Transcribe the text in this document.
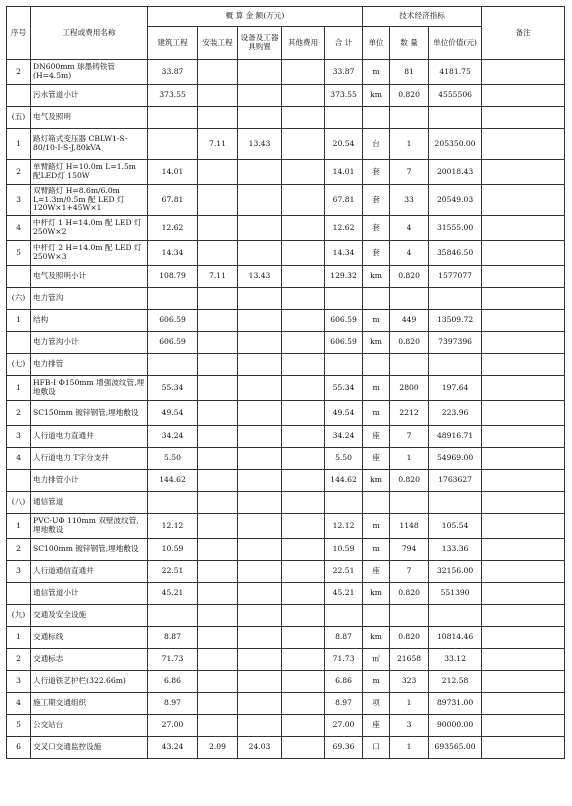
序号	工程或费用名称	概 算 金 额(万元)					技术经济指标			备注
		建筑工程	安装工程	设备及工器具购置	其他费用	合 计	单位	数 量	单位价值(元)	
2	DN600mm 球墨铸铁管(H=4.5m)	33.87				33.87	m	81	4181.75	
	污水管道小计	373.55				373.55	km	0.820	4555506	
(五)	电气及照明									
1	路灯箱式变压器 CBLW1-S-80/10-I-S-J,80kVA		7.11	13.43		20.54	台	1	205350.00	
2	单臂路灯 H=10.0m L=1.5m 配LED灯 150W	14.01				14.01	套	7	20018.43	
3	双臂路灯 H=8.6m/6.0m L=1.3m/0.5m 配 LED 灯 120W×1+45W×1	67.81				67.81	套	33	20549.03	
4	中杆灯 1 H=14.0m 配 LED 灯 250W×2	12.62				12.62	套	4	31555.00	
5	中杆灯 2 H=14.0m 配 LED 灯 250W×3	14.34				14.34	套	4	35846.50	
	电气及照明小计	108.79	7.11	13.43		129.32	km	0.820	1577077	
(六)	电力管沟									
1	结构	606.59				606.59	m	449	13509.72	
	电力管沟小计	606.59				606.59	km	0.820	7397396	
(七)	电力排管									
1	HFB-Ⅰ Φ150mm 增强波纹管,埋地敷设	55.34				55.34	m	2800	197.64	
2	SC150mm 镀锌钢管,埋地敷设	49.54				49.54	m	2212	223.96	
3	人行道电力直通井	34.24				34.24	座	7	48916.71	
4	人行道电力 T字分支井	5.50				5.50	座	1	54969.00	
	电力排管小计	144.62				144.62	km	0.820	1763627	
(八)	通信管道									
1	PVC-UΦ 110mm 双壁波纹管,埋地敷设	12.12				12.12	m	1148	105.54	
2	SC100mm 镀锌钢管,埋地敷设	10.59				10.59	m	794	133.36	
3	人行道通信直通井	22.51				22.51	座	7	32156.00	
	通信管道小计	45.21				45.21	km	0.820	551390	
(九)	交通及安全设施									
1	交通标线	8.87				8.87	km	0.820	10814.46	
2	交通标志	71.73				71.73	㎡	21658	33.12	
3	人行道铁艺护栏(322.66m)	6.86				6.86	m	323	212.58	
4	施工期交通组织	8.97				8.97	项	1	89731.00	
5	公交站台	27.00				27.00	座	3	90000.00	
6	交叉口交通监控设施	43.24	2.09	24.03		69.36	口	1	693565.00	
